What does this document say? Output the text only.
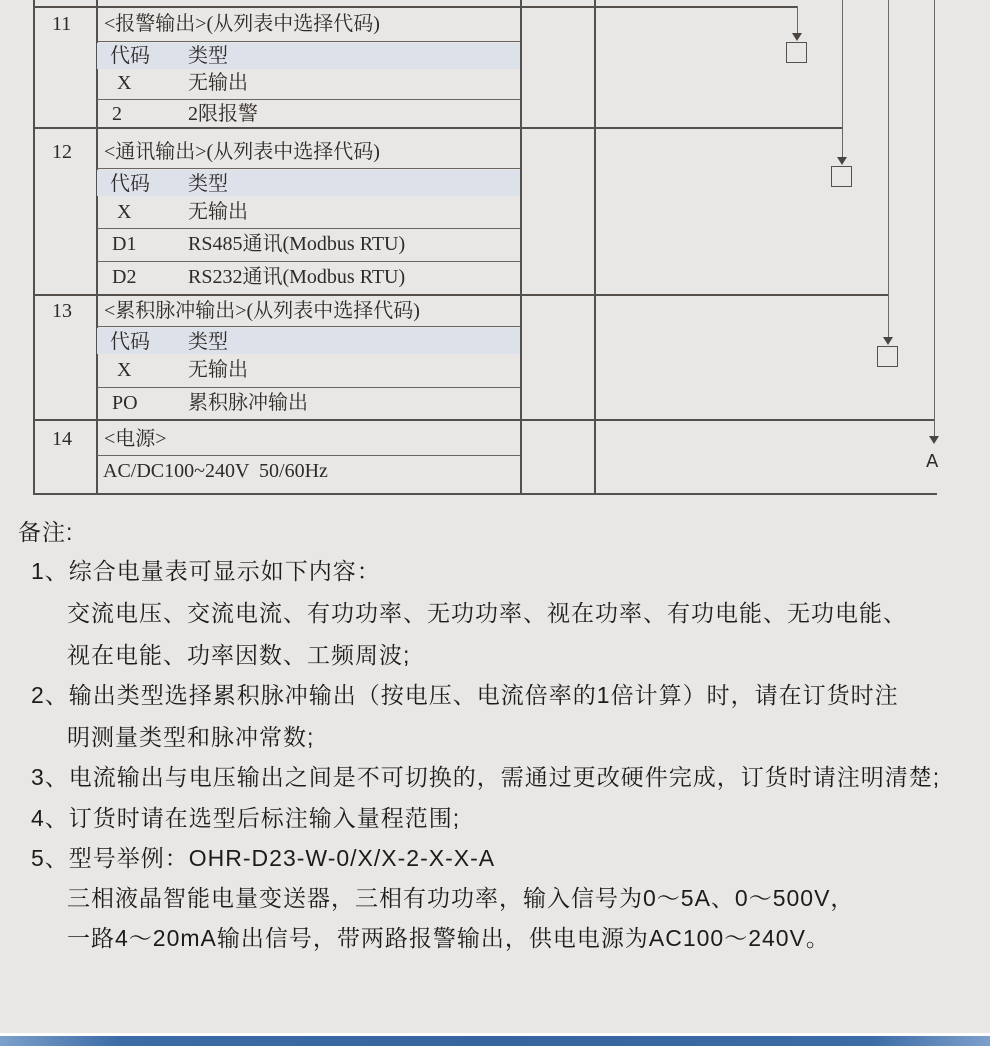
A
11 <报警输出>(从列表中选择代码)
代码 类型
X	无输出
2	2限报警
12 <通讯输出>(从列表中选择代码)
代码 类型
X	无输出
D1	RS485通讯(Modbus RTU)
D2	RS232通讯(Modbus RTU)
13 <累积脉冲输出>(从列表中选择代码)
代码 类型
X	无输出
PO	累积脉冲输出
14 <电源>
AC/DC100~240V  50/60Hz
备注:
1、综合电量表可显示如下内容：
交流电压、交流电流、有功功率、无功功率、视在功率、有功电能、无功电能、
视在电能、功率因数、工频周波;
2、输出类型选择累积脉冲输出（按电压、电流倍率的1倍计算）时，请在订货时注
明测量类型和脉冲常数;
3、电流输出与电压输出之间是不可切换的，需通过更改硬件完成，订货时请注明清楚;
4、订货时请在选型后标注输入量程范围;
5、型号举例：OHR-D23-W-0/X/X-2-X-X-A
三相液晶智能电量变送器，三相有功功率，输入信号为0～5A、0～500V，
一路4～20mA输出信号，带两路报警输出，供电电源为AC100～240V。
